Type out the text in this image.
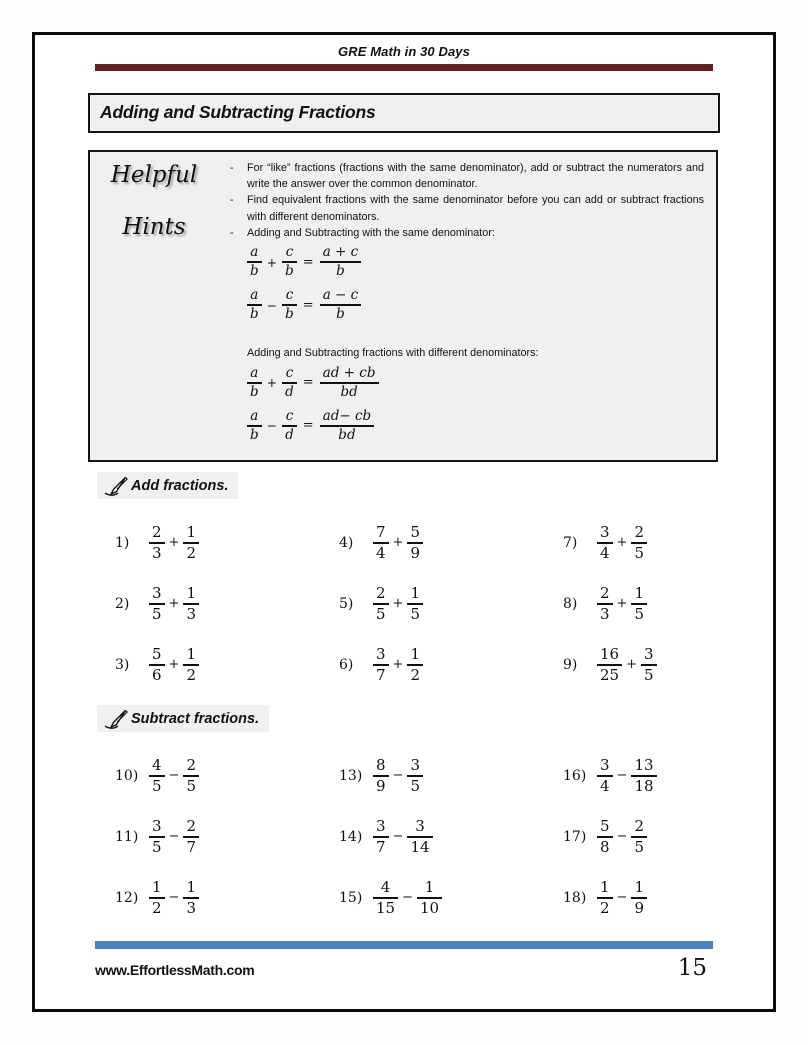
GRE Math in 30 Days
Adding and Subtracting Fractions
Helpful
Hints
-	For “like” fractions (fractions with the same denominator), add or subtract the numerators and write the answer over the common denominator.
-	Find equivalent fractions with the same denominator before you can add or subtract fractions with different denominators.
-	Adding and Subtracting with the same denominator:
$\frac{a}{b} + \frac{c}{b} = \frac{a + c}{b}$
$\frac{a}{b} - \frac{c}{b} = \frac{a - c}{b}$
Adding and Subtracting fractions with different denominators:
$\frac{a}{b} + \frac{c}{d} = \frac{ad + cb}{bd}$
$\frac{a}{b} - \frac{c}{d} = \frac{ad- cb}{bd}$
Add fractions.
1)	$\frac{2}{3} + \frac{1}{2}$
2)	$\frac{3}{5} + \frac{1}{3}$
3)	$\frac{5}{6} + \frac{1}{2}$
4)	$\frac{7}{4} + \frac{5}{9}$
5)	$\frac{2}{5} + \frac{1}{5}$
6)	$\frac{3}{7} + \frac{1}{2}$
7)	$\frac{3}{4} + \frac{2}{5}$
8)	$\frac{2}{3} + \frac{1}{5}$
9)	$\frac{16}{25} + \frac{3}{5}$
Subtract fractions.
$10) \frac{4}{5} - \frac{2}{5}$
$11) \frac{3}{5} - \frac{2}{7}$
$12) \frac{1}{2} - \frac{1}{3}$
$13) \frac{8}{9} - \frac{3}{5}$
$14) \frac{3}{7} - \frac{3}{14}$
$15) \frac{4}{15} - \frac{1}{10}$
$16) \frac{3}{4} - \frac{13}{18}$
$17) \frac{5}{8} - \frac{2}{5}$
$18) \frac{1}{2} - \frac{1}{9}$
www.EffortlessMath.com	15
